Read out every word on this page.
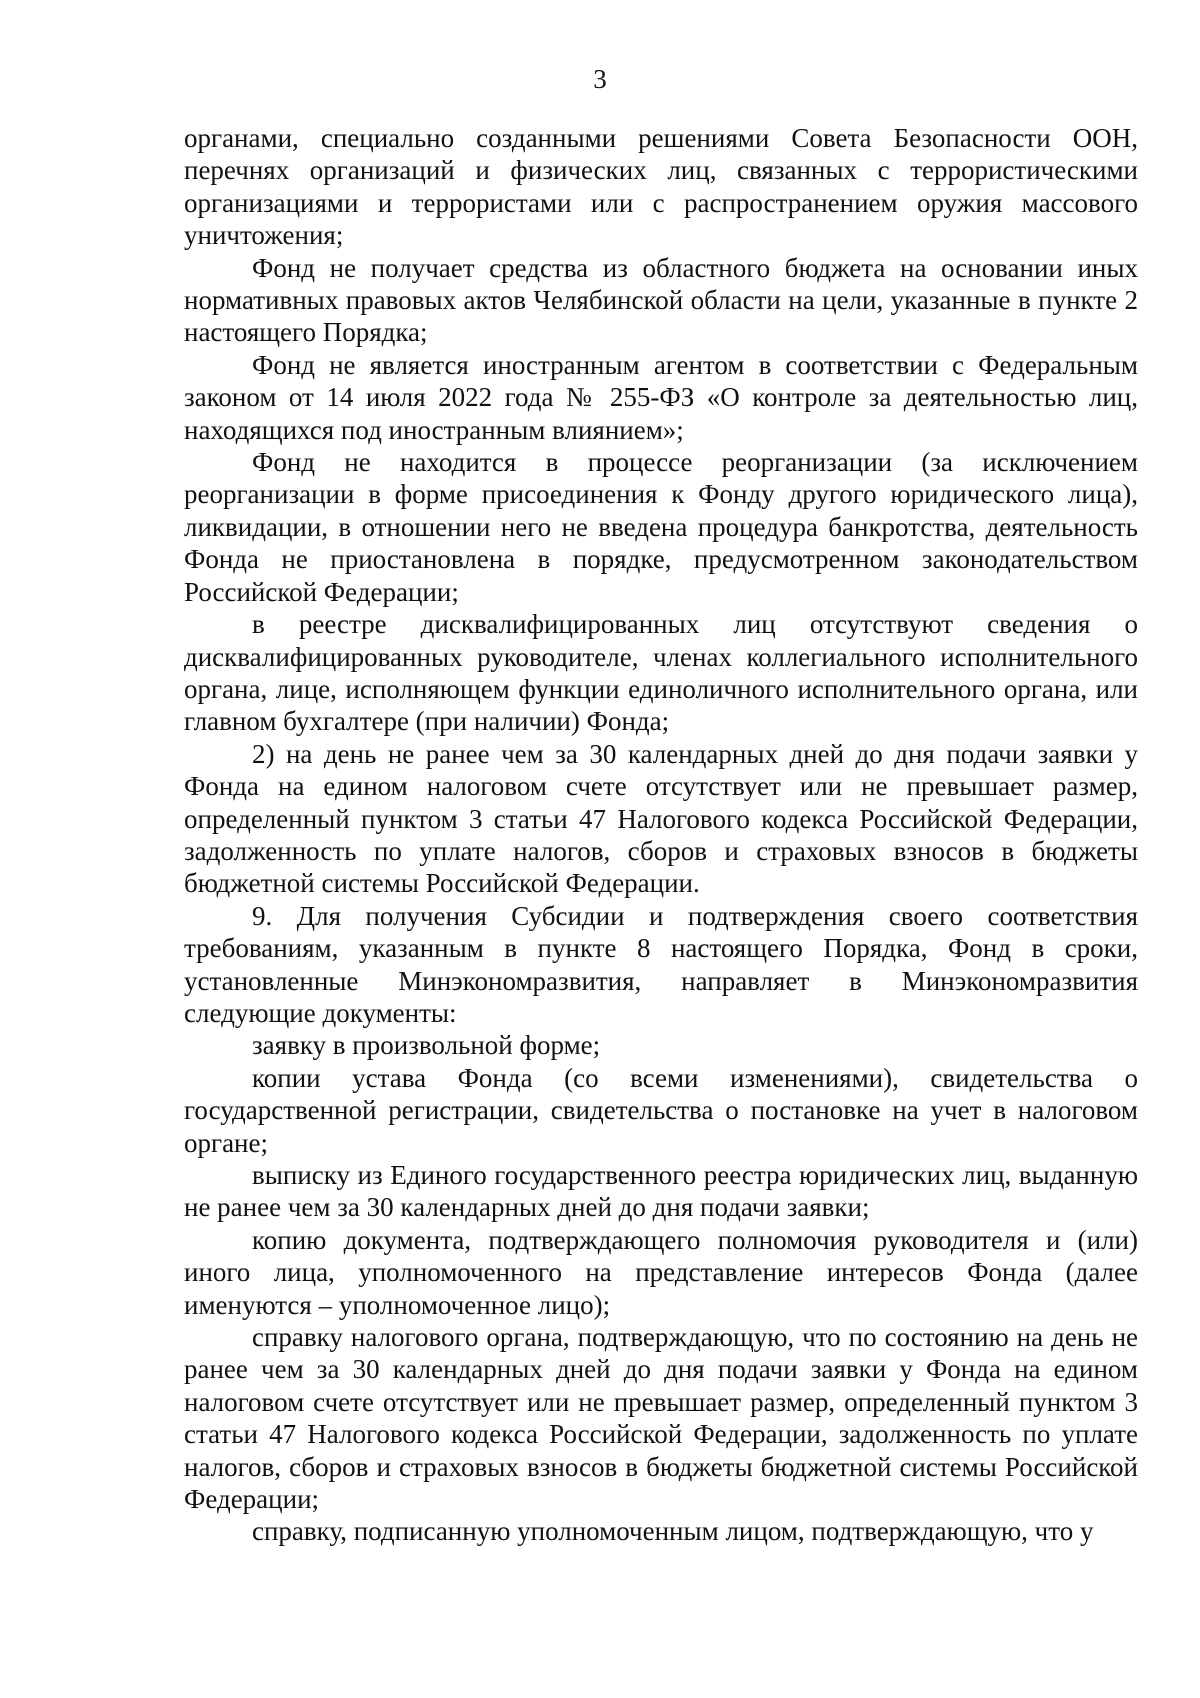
3

органами, специально созданными решениями Совета Безопасности ООН, перечнях организаций и физических лиц, связанных с террористическими организациями и террористами или с распространением оружия массового уничтожения;

Фонд не получает средства из областного бюджета на основании иных нормативных правовых актов Челябинской области на цели, указанные в пункте 2 настоящего Порядка;

Фонд не является иностранным агентом в соответствии с Федеральным законом от 14 июля 2022 года № 255-ФЗ «О контроле за деятельностью лиц, находящихся под иностранным влиянием»;

Фонд не находится в процессе реорганизации (за исключением реорганизации в форме присоединения к Фонду другого юридического лица), ликвидации, в отношении него не введена процедура банкротства, деятельность Фонда не приостановлена в порядке, предусмотренном законодательством Российской Федерации;

в реестре дисквалифицированных лиц отсутствуют сведения о дисквалифицированных руководителе, членах коллегиального исполнительного органа, лице, исполняющем функции единоличного исполнительного органа, или главном бухгалтере (при наличии) Фонда;

2) на день не ранее чем за 30 календарных дней до дня подачи заявки у Фонда на едином налоговом счете отсутствует или не превышает размер, определенный пунктом 3 статьи 47 Налогового кодекса Российской Федерации, задолженность по уплате налогов, сборов и страховых взносов в бюджеты бюджетной системы Российской Федерации.

9. Для получения Субсидии и подтверждения своего соответствия требованиям, указанным в пункте 8 настоящего Порядка, Фонд в сроки, установленные Минэкономразвития, направляет в Минэкономразвития следующие документы:

заявку в произвольной форме;

копии устава Фонда (со всеми изменениями), свидетельства о государственной регистрации, свидетельства о постановке на учет в налоговом органе;

выписку из Единого государственного реестра юридических лиц, выданную не ранее чем за 30 календарных дней до дня подачи заявки;

копию документа, подтверждающего полномочия руководителя и (или) иного лица, уполномоченного на представление интересов Фонда (далее именуются – уполномоченное лицо);

справку налогового органа, подтверждающую, что по состоянию на день не ранее чем за 30 календарных дней до дня подачи заявки у Фонда на едином налоговом счете отсутствует или не превышает размер, определенный пунктом 3 статьи 47 Налогового кодекса Российской Федерации, задолженность по уплате налогов, сборов и страховых взносов в бюджеты бюджетной системы Российской Федерации;

справку, подписанную уполномоченным лицом, подтверждающую, что у
